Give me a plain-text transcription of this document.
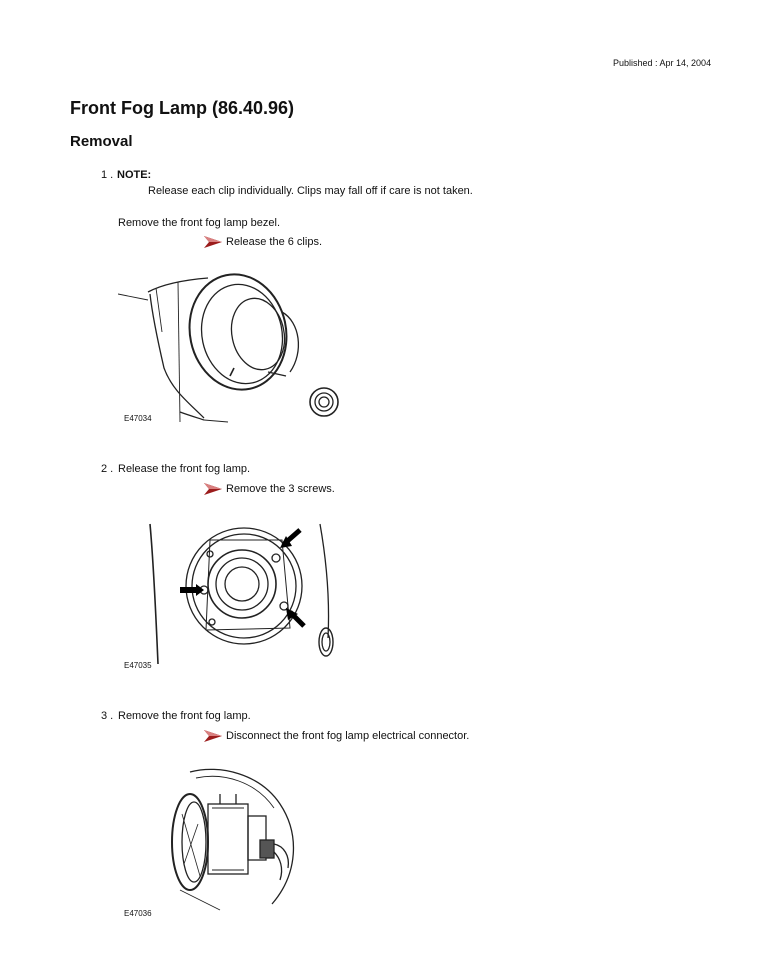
Published : Apr 14, 2004
Front Fog Lamp (86.40.96)
Removal
1 . NOTE:
Release each clip individually. Clips may fall off if care is not taken.
Remove the front fog lamp bezel.
Release the 6 clips.
E47034
2 . Release the front fog lamp.
Remove the 3 screws.
E47035
3 . Remove the front fog lamp.
Disconnect the front fog lamp electrical connector.
E47036
